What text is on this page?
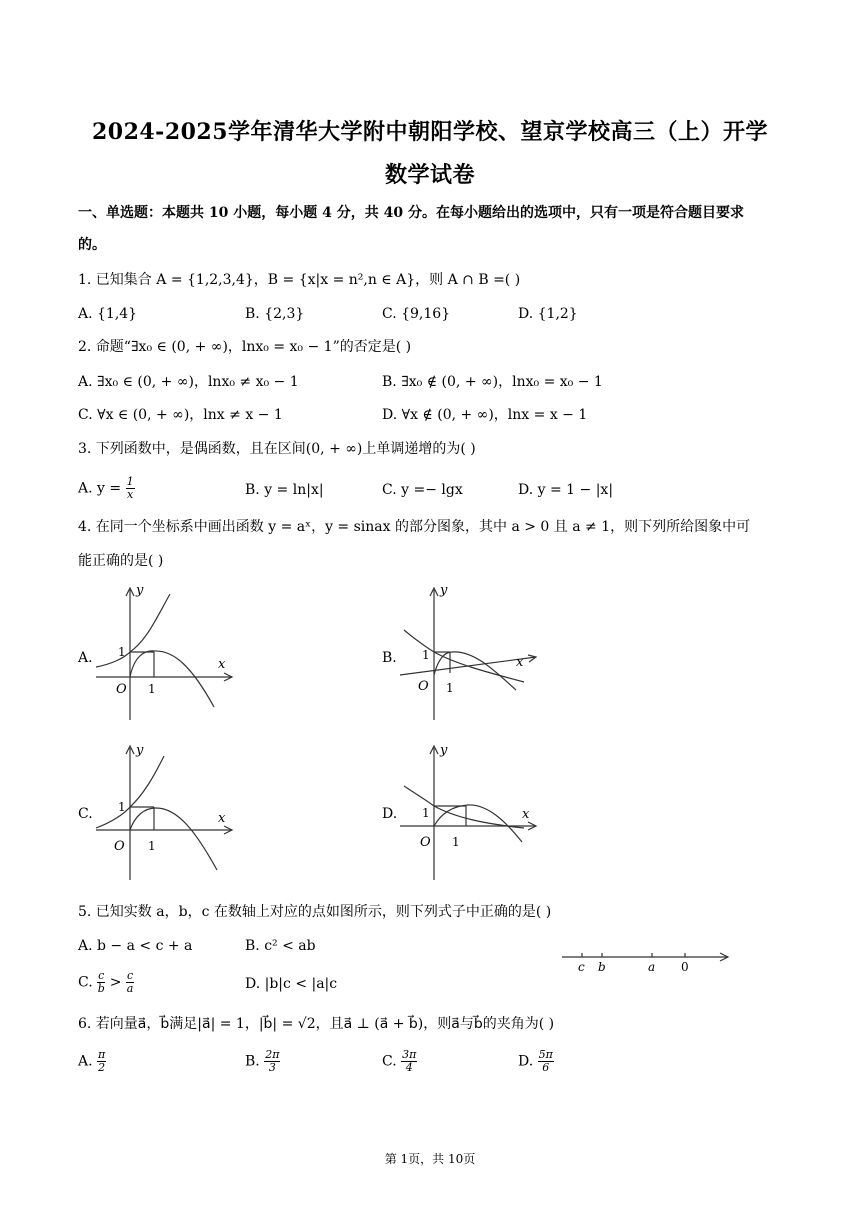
2024-2025学年清华大学附中朝阳学校、望京学校高三（上）开学
数学试卷
一、单选题：本题共 10 小题，每小题 4 分，共 40 分。在每小题给出的选项中，只有一项是符合题目要求
的。
1. 已知集合 A = {1,2,3,4}，B = {x|x = n²,n ∈ A}，则 A ∩ B =( )
A. {1,4}	B. {2,3}	C. {9,16}	D. {1,2}
2. 命题“∃x₀ ∈ (0, + ∞)，lnx₀ = x₀ − 1”的否定是( )
A. ∃x₀ ∈ (0, + ∞)，lnx₀ ≠ x₀ − 1	B. ∃x₀ ∉ (0, + ∞)，lnx₀ = x₀ − 1
C. ∀x ∈ (0, + ∞)，lnx ≠ x − 1	D. ∀x ∉ (0, + ∞)，lnx = x − 1
3. 下列函数中，是偶函数，且在区间(0, + ∞)上单调递增的为( )
A. $y = \frac{1}{x}$	B. y = ln|x|	C. y =− lgx	D. y = 1 − |x|
4. 在同一个坐标系中画出函数 y = aˣ，y = sinax 的部分图象，其中 a > 0 且 a ≠ 1，则下列所给图象中可
能正确的是( )
A.	B.
C.	D.
y
x
O 1
1
y
x
O 1
1
y
x
O 1
1
y
x
O 1
1
5. 已知实数 a，b，c 在数轴上对应的点如图所示，则下列式子中正确的是( )
A. b − a < c + a	B. c² < ab
C. $\frac{c}{b} > \frac{c}{a}$	D. |b|c < |a|c
c b	a 0
6. 若向量a⃗，b⃗满足|a⃗| = 1，|b⃗| = √2，且a⃗ ⊥ (a⃗ + b⃗)，则a⃗与b⃗的夹角为( )
A. $\frac{\pi}{2}$	B. $\frac{2\pi}{3}$	C. $\frac{3\pi}{4}$	D. $\frac{5\pi}{6}$
第 1页，共 10页
